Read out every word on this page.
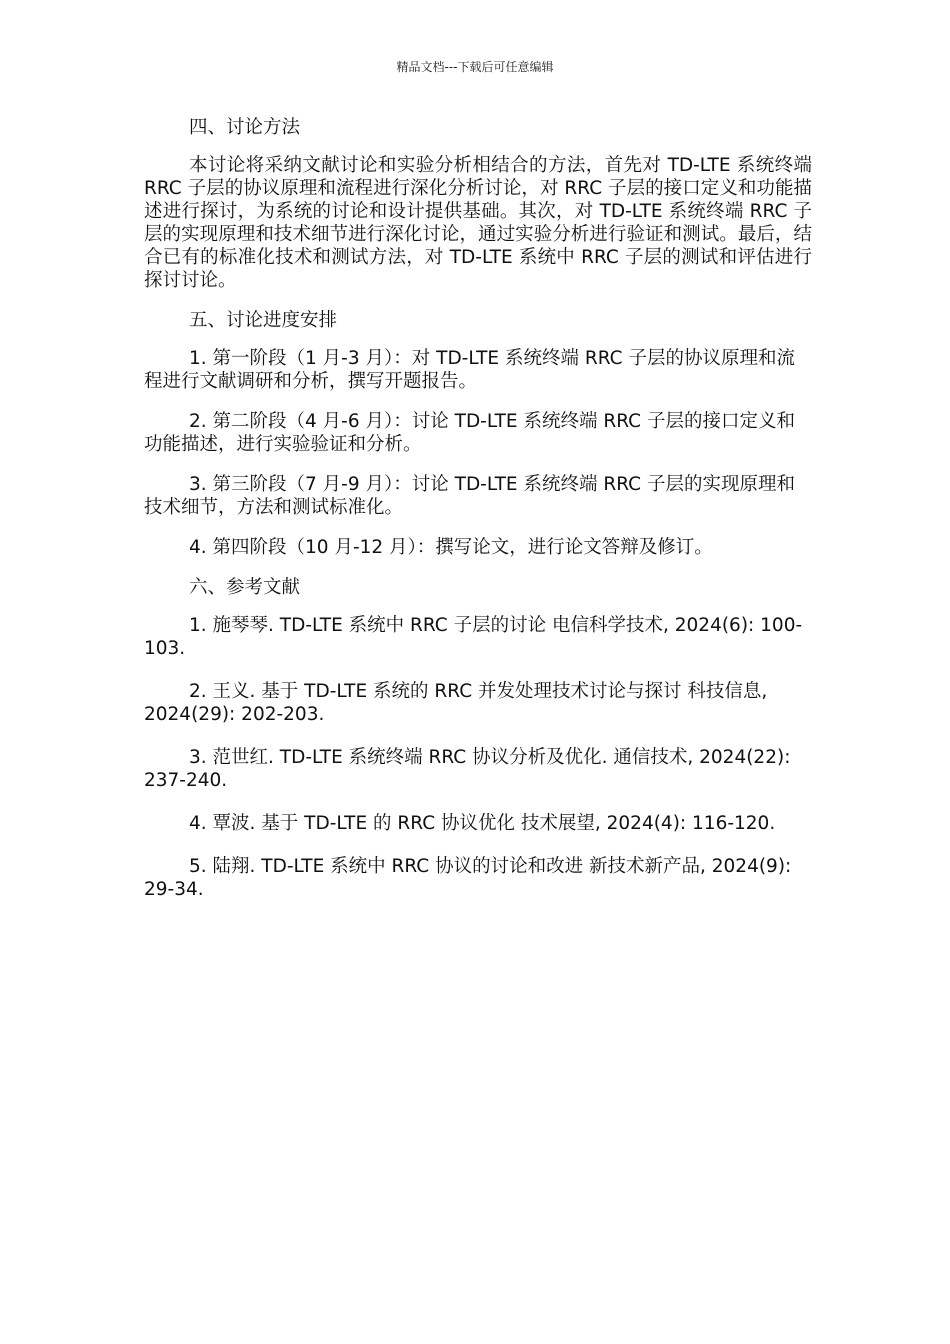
精品文档---下载后可任意编辑

四、讨论方法

本讨论将采纳文献讨论和实验分析相结合的方法，首先对 TD-LTE 系统终端 RRC 子层的协议原理和流程进行深化分析讨论，对 RRC 子层的接口定义和功能描述进行探讨，为系统的讨论和设计提供基础。其次，对 TD-LTE 系统终端 RRC 子层的实现原理和技术细节进行深化讨论，通过实验分析进行验证和测试。最后，结合已有的标准化技术和测试方法，对 TD-LTE 系统中 RRC 子层的测试和评估进行探讨讨论。

五、讨论进度安排

1. 第一阶段（1 月-3 月）：对 TD-LTE 系统终端 RRC 子层的协议原理和流程进行文献调研和分析，撰写开题报告。

2. 第二阶段（4 月-6 月）：讨论 TD-LTE 系统终端 RRC 子层的接口定义和功能描述，进行实验验证和分析。

3. 第三阶段（7 月-9 月）：讨论 TD-LTE 系统终端 RRC 子层的实现原理和技术细节，方法和测试标准化。

4. 第四阶段（10 月-12 月）：撰写论文，进行论文答辩及修订。

六、参考文献

1. 施琴琴. TD-LTE 系统中 RRC 子层的讨论 电信科学技术, 2024(6): 100-103.

2. 王义. 基于 TD-LTE 系统的 RRC 并发处理技术讨论与探讨 科技信息, 2024(29): 202-203.

3. 范世红. TD-LTE 系统终端 RRC 协议分析及优化. 通信技术, 2024(22): 237-240.

4. 覃波. 基于 TD-LTE 的 RRC 协议优化 技术展望, 2024(4): 116-120.

5. 陆翔. TD-LTE 系统中 RRC 协议的讨论和改进 新技术新产品, 2024(9): 29-34.
